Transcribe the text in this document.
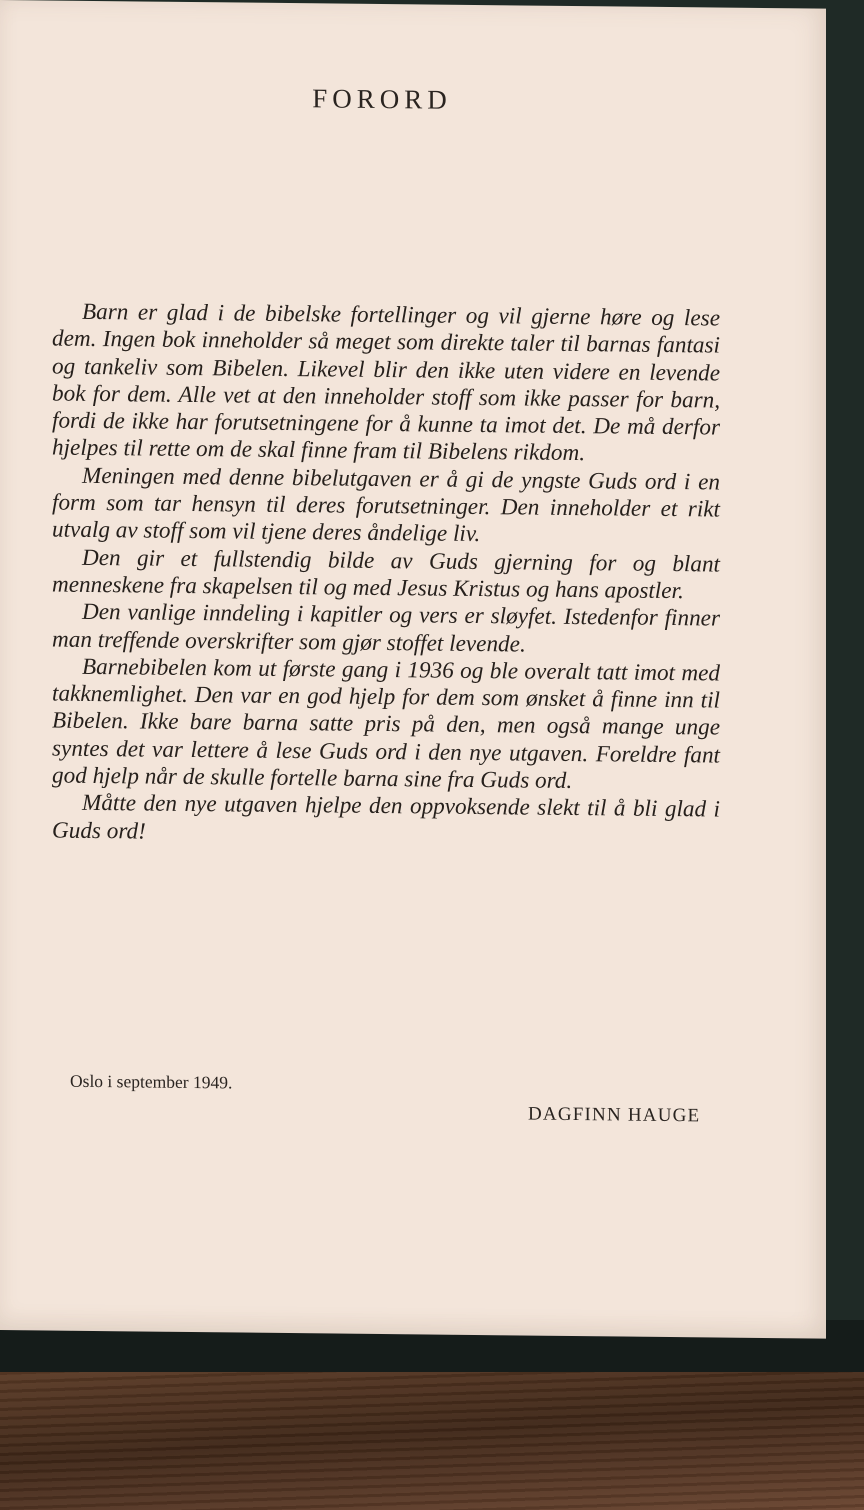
FORORD

Barn er glad i de bibelske fortellinger og vil gjerne høre og lese dem. Ingen bok inneholder så meget som direkte taler til barnas fantasi og tankeliv som Bibelen. Likevel blir den ikke uten videre en levende bok for dem. Alle vet at den inneholder stoff som ikke passer for barn, fordi de ikke har forutsetningene for å kunne ta imot det. De må derfor hjelpes til rette om de skal finne fram til Bibelens rikdom.

Meningen med denne bibelutgaven er å gi de yngste Guds ord i en form som tar hensyn til deres forutsetninger. Den inneholder et rikt utvalg av stoff som vil tjene deres åndelige liv.

Den gir et fullstendig bilde av Guds gjerning for og blant menneskene fra skapelsen til og med Jesus Kristus og hans apostler.

Den vanlige inndeling i kapitler og vers er sløyfet. Istedenfor finner man treffende overskrifter som gjør stoffet levende.

Barnebibelen kom ut første gang i 1936 og ble overalt tatt imot med takknemlighet. Den var en god hjelp for dem som ønsket å finne inn til Bibelen. Ikke bare barna satte pris på den, men også mange unge syntes det var lettere å lese Guds ord i den nye utgaven. Foreldre fant god hjelp når de skulle fortelle barna sine fra Guds ord.

Måtte den nye utgaven hjelpe den oppvoksende slekt til å bli glad i Guds ord!

Oslo i september 1949.
DAGFINN HAUGE
